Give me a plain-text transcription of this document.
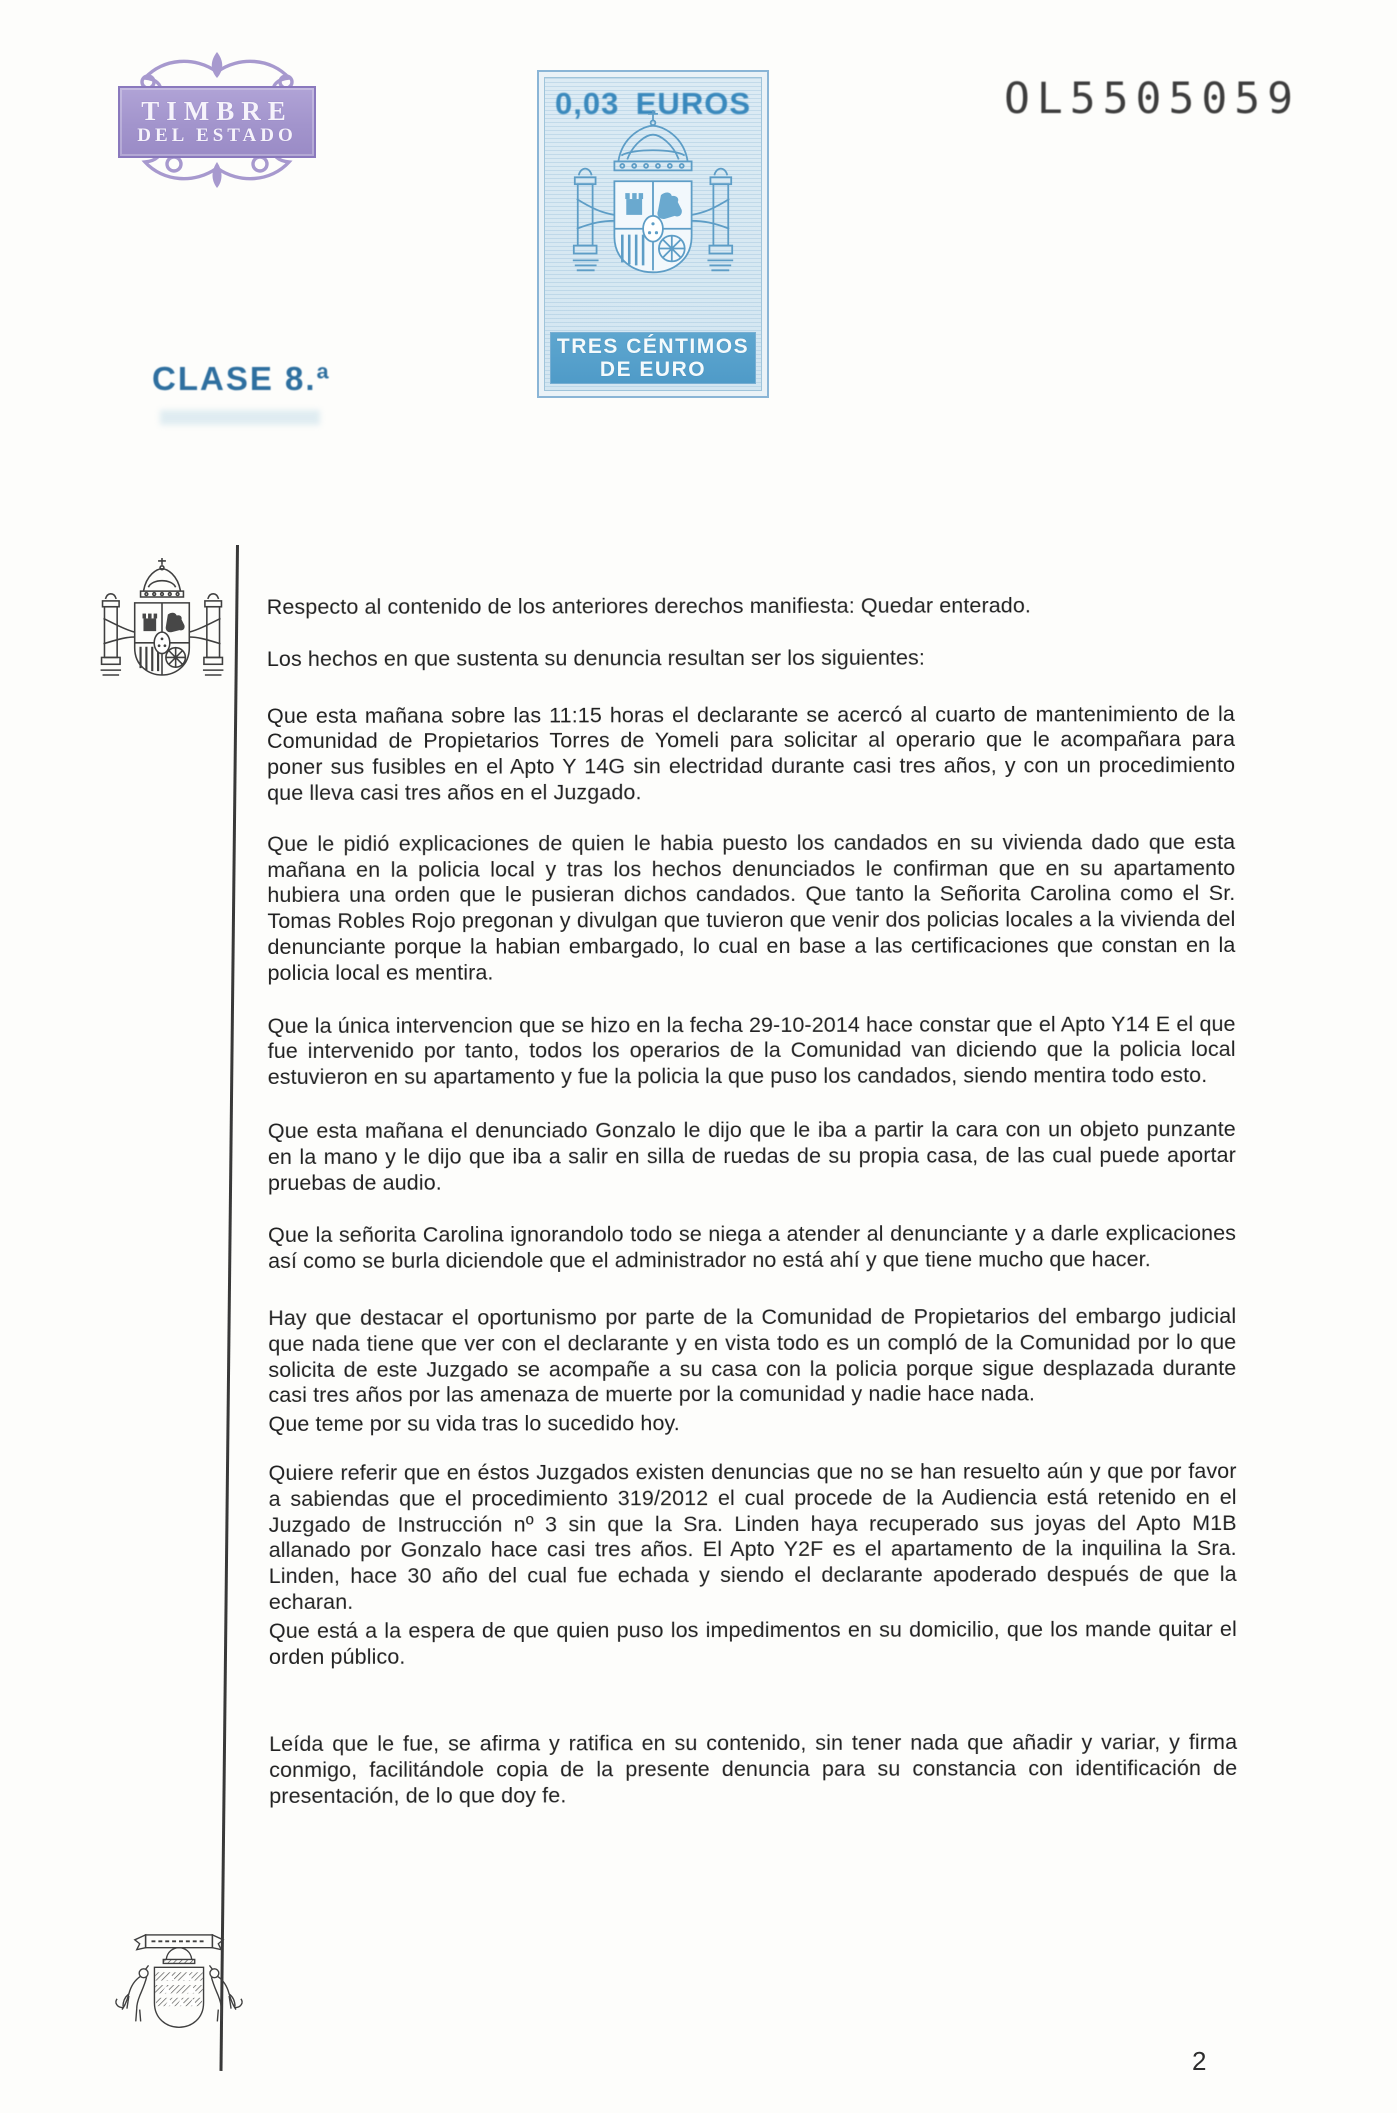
TIMBRE
DEL ESTADO
0,03 EUROS
TRES CÉNTIMOS
DE EURO
OL5505059
CLASE 8.ª

Respecto al contenido de los anteriores derechos manifiesta: Quedar enterado.

Los hechos en que sustenta su denuncia resultan ser los siguientes:

Que esta mañana sobre las 11:15 horas el declarante se acercó al cuarto de mantenimiento de la Comunidad de Propietarios Torres de Yomeli para solicitar al operario que le acompañara para poner sus fusibles en el Apto Y 14G sin electridad durante casi tres años, y con un procedimiento que lleva casi tres años en el Juzgado.

Que le pidió explicaciones de quien le habia puesto los candados en su vivienda dado que esta mañana en la policia local y tras los hechos denunciados le confirman que en su apartamento hubiera una orden que le pusieran dichos candados. Que tanto la Señorita Carolina como el Sr. Tomas Robles Rojo pregonan y divulgan que tuvieron que venir dos policias locales a la vivienda del denunciante porque la habian embargado, lo cual en base a las certificaciones que constan en la policia local es mentira.

Que la única intervencion que se hizo en la fecha 29-10-2014 hace constar que el Apto Y14 E el que fue intervenido por tanto, todos los operarios de la Comunidad van diciendo que la policia local estuvieron en su apartamento y fue la policia la que puso los candados, siendo mentira todo esto.

Que esta mañana el denunciado Gonzalo le dijo que le iba a partir la cara con un objeto punzante en la mano y le dijo que iba a salir en silla de ruedas de su propia casa, de las cual puede aportar pruebas de audio.

Que la señorita Carolina ignorandolo todo se niega a atender al denunciante y a darle explicaciones así como se burla diciendole que el administrador no está ahí y que tiene mucho que hacer.

Hay que destacar el oportunismo por parte de la Comunidad de Propietarios del embargo judicial que nada tiene que ver con el declarante y en vista todo es un compló de la Comunidad por lo que solicita de este Juzgado se acompañe a su casa con la policia porque sigue desplazada durante casi tres años por las amenaza de muerte por la comunidad y nadie hace nada.

Que teme por su vida tras lo sucedido hoy.

Quiere referir que en éstos Juzgados existen denuncias que no se han resuelto aún y que por favor a sabiendas que el procedimiento 319/2012 el cual procede de la Audiencia está retenido en el Juzgado de Instrucción nº 3 sin que la Sra. Linden haya recuperado sus joyas del Apto M1B allanado por Gonzalo hace casi tres años. El Apto Y2F es el apartamento de la inquilina la Sra. Linden, hace 30 año del cual fue echada y siendo el declarante apoderado después de que la echaran.

Que está a la espera de que quien puso los impedimentos en su domicilio, que los mande quitar el orden público.

Leída que le fue, se afirma y ratifica en su contenido, sin tener nada que añadir y variar, y firma conmigo, facilitándole copia de la presente denuncia para su constancia con identificación de presentación, de lo que doy fe.

2
